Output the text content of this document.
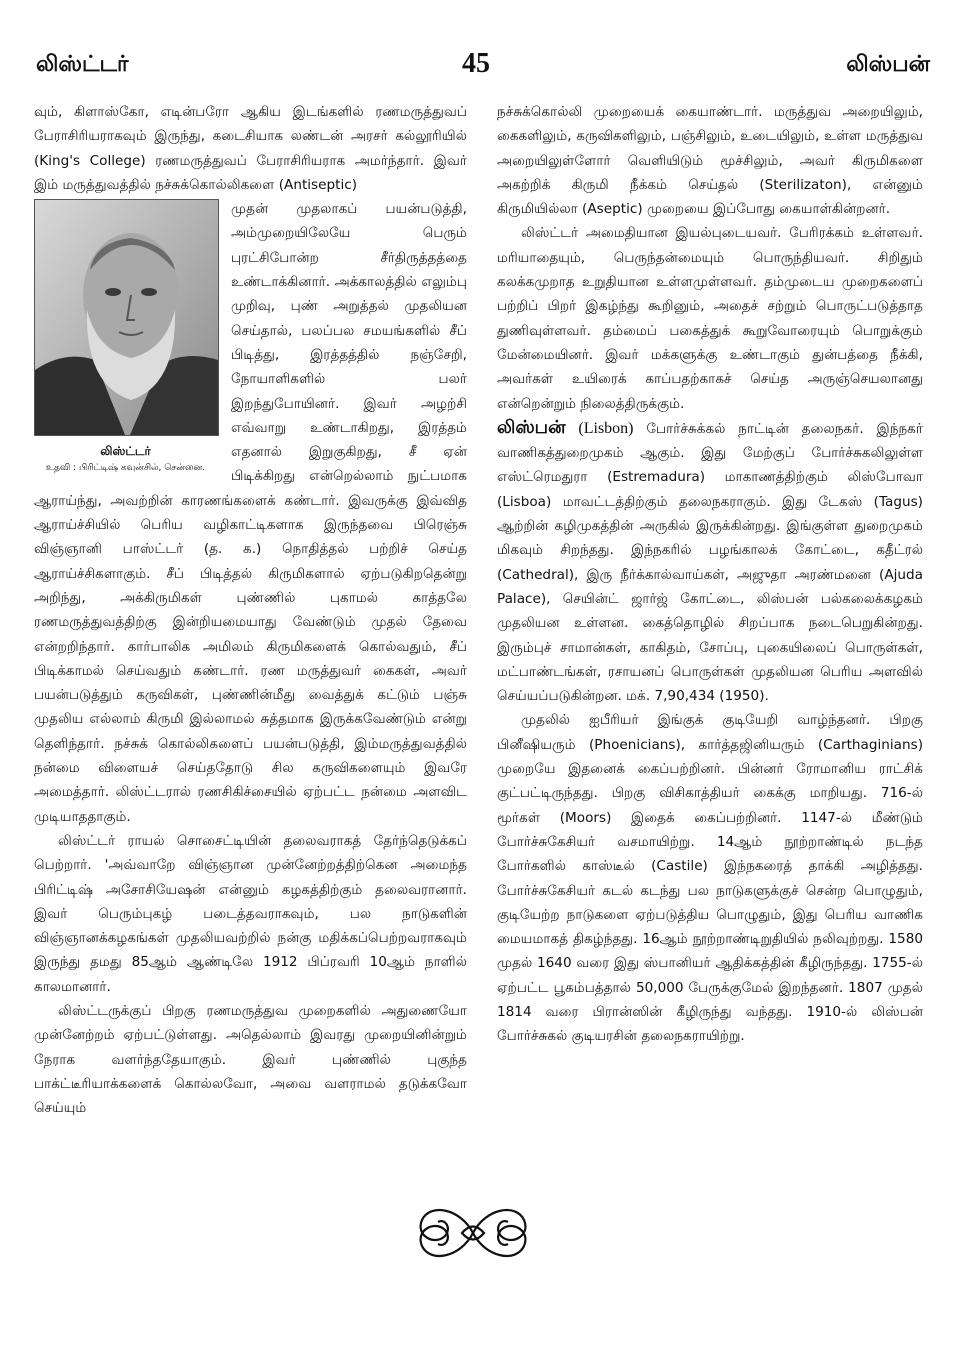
லிஸ்ட்டர்	45	லிஸ்பன்

வும், கிளாஸ்கோ, எடின்பரோ ஆகிய இடங்களில் ரணமருத்துவப் பேராசிரியராகவும் இருந்து, கடைசியாக லண்டன் அரசர் கல்லூரியில் (King's College) ரணமருத்துவப் பேராசிரியராக அமர்ந்தார். இவர் இம் மருத்துவத்தில் நச்சுக்கொல்லிகளை (Antiseptic)

லிஸ்ட்டர்
உதவி : பிரிட்டிஷ் கவுன்சில், சென்னை.

முதன் முதலாகப் பயன்படுத்தி, அம்முறையிலேயே பெரும் புரட்சிபோன்ற சீர்திருத்தத்தை உண்டாக்கினார். அக்காலத்தில் எலும்பு முறிவு, புண் அறுத்தல் முதலியன செய்தால், பலப்பல சமயங்களில் சீப் பிடித்து, இரத்தத்தில் நஞ்சேறி, நோயாளிகளில் பலர் இறந்துபோயினர். இவர் அழற்சி எவ்வாறு உண்டாகிறது, இரத்தம் எதனால் இறுகுகிறது, சீ ஏன் பிடிக்கிறது என்றெல்லாம் நுட்பமாக ஆராய்ந்து, அவற்றின் காரணங்களைக் கண்டார். இவருக்கு இவ்வித ஆராய்ச்சியில் பெரிய வழிகாட்டிகளாக இருந்தவை பிரெஞ்சு விஞ்ஞானி பாஸ்ட்டர் (த. க.) நொதித்தல் பற்றிச் செய்த ஆராய்ச்சிகளாகும். சீப் பிடித்தல் கிருமிகளால் ஏற்படுகிறதென்று அறிந்து, அக்கிருமிகள் புண்ணில் புகாமல் காத்தலே ரணமருத்துவத்திற்கு இன்றியமையாது வேண்டும் முதல் தேவை என்றறிந்தார். கார்பாலிக அமிலம் கிருமிகளைக் கொல்வதும், சீப் பிடிக்காமல் செய்வதும் கண்டார். ரண மருத்துவர் கைகள், அவர் பயன்படுத்தும் கருவிகள், புண்ணின்மீது வைத்துக் கட்டும் பஞ்சு முதலிய எல்லாம் கிருமி இல்லாமல் சுத்தமாக இருக்கவேண்டும் என்று தெளிந்தார். நச்சுக் கொல்லிகளைப் பயன்படுத்தி, இம்மருத்துவத்தில் நன்மை விளையச் செய்ததோடு சில கருவிகளையும் இவரே அமைத்தார். லிஸ்ட்டரால் ரணசிகிச்சையில் ஏற்பட்ட நன்மை அளவிட முடியாததாகும்.

லிஸ்ட்டர் ராயல் சொசைட்டியின் தலைவராகத் தேர்ந்தெடுக்கப் பெற்றார். 'அவ்வாறே விஞ்ஞான முன்னேற்றத்திற்கென அமைந்த பிரிட்டிஷ் அசோசியேஷன் என்னும் கழகத்திற்கும் தலைவரானார். இவர் பெரும்புகழ் படைத்தவராகவும், பல நாடுகளின் விஞ்ஞானக்கழகங்கள் முதலியவற்றில் நன்கு மதிக்கப்பெற்றவராகவும் இருந்து தமது 85ஆம் ஆண்டிலே 1912 பிப்ரவரி 10ஆம் நாளில் காலமானார்.

லிஸ்ட்டருக்குப் பிறகு ரணமருத்துவ முறைகளில் அதுணையோ முன்னேற்றம் ஏற்பட்டுள்ளது. அதெல்லாம் இவரது முறையினின்றும் நேராக வளர்ந்ததேயாகும். இவர் புண்ணில் புகுந்த பாக்ட்டீரியாக்களைக் கொல்லவோ, அவை வளராமல் தடுக்கவோ செய்யும்

நச்சுக்கொல்லி முறையைக் கையாண்டார். மருத்துவ அறையிலும், கைகளிலும், கருவிகளிலும், பஞ்சிலும், உடையிலும், உள்ள மருத்துவ அறையிலுள்ளோர் வெளியிடும் மூச்சிலும், அவர் கிருமிகளை அகற்றிக் கிருமி நீக்கம் செய்தல் (Sterilizaton), என்னும் கிருமியில்லா (Aseptic) முறையை இப்போது கையாள்கின்றனர்.

லிஸ்ட்டர் அமைதியான இயல்புடையவர். பேரிரக்கம் உள்ளவர். மரியாதையும், பெருந்தன்மையும் பொருந்தியவர். சிறிதும் கலக்கமுறாத உறுதியான உள்ளமுள்ளவர். தம்முடைய முறைகளைப் பற்றிப் பிறர் இகழ்ந்து கூறினும், அதைச் சற்றும் பொருட்படுத்தாத துணிவுள்ளவர். தம்மைப் பகைத்துக் கூறுவோரையும் பொறுக்கும் மேன்மையினர். இவர் மக்களுக்கு உண்டாகும் துன்பத்தை நீக்கி, அவர்கள் உயிரைக் காப்பதற்காகச் செய்த அருஞ்செயலானது என்றென்றும் நிலைத்திருக்கும்.

லிஸ்பன் (Lisbon) போர்ச்சுக்கல் நாட்டின் தலைநகர். இந்நகர் வாணிகத்துறைமுகம் ஆகும். இது மேற்குப் போர்ச்சுகலிலுள்ள எஸ்ட்ரெமதுரா (Estremadura) மாகாணத்திற்கும் லிஸ்போவா (Lisboa) மாவட்டத்திற்கும் தலைநகராகும். இது டேகஸ் (Tagus) ஆற்றின் கழிமுகத்தின் அருகில் இருக்கின்றது. இங்குள்ள துறைமுகம் மிகவும் சிறந்தது. இந்நகரில் பழங்காலக் கோட்டை, கதீட்ரல் (Cathedral), இரு நீர்க்கால்வாய்கள், அஜுதா அரண்மனை (Ajuda Palace), செயின்ட் ஜார்ஜ் கோட்டை, லிஸ்பன் பல்கலைக்கழகம் முதலியன உள்ளன. கைத்தொழில் சிறப்பாக நடைபெறுகின்றது. இரும்புச் சாமான்கள், காகிதம், சோப்பு, புகையிலைப் பொருள்கள், மட்பாண்டங்கள், ரசாயனப் பொருள்கள் முதலியன பெரிய அளவில் செய்யப்படுகின்றன. மக். 7,90,434 (1950).

முதலில் ஐபீரியர் இங்குக் குடியேறி வாழ்ந்தனர். பிறகு பினீஷியரும் (Phoenicians), கார்த்தஜினியரும் (Carthaginians) முறையே இதனைக் கைப்பற்றினர். பின்னர் ரோமானிய ராட்சிக் குட்பட்டிருந்தது. பிறகு விசிகாத்தியர் கைக்கு மாறியது. 716-ல் மூர்கள் (Moors) இதைக் கைப்பற்றினர். 1147-ல் மீண்டும் போர்ச்சுகேசியர் வசமாயிற்று. 14ஆம் நூற்றாண்டில் நடந்த போர்களில் காஸ்டீல் (Castile) இந்நகரைத் தாக்கி அழித்தது. போர்ச்சுகேசியர் கடல் கடந்து பல நாடுகளுக்குச் சென்ற பொழுதும், குடியேற்ற நாடுகளை ஏற்படுத்திய பொழுதும், இது பெரிய வாணிக மையமாகத் திகழ்ந்தது. 16ஆம் நூற்றாண்டிறுதியில் நலிவுற்றது. 1580 முதல் 1640 வரை இது ஸ்பானியர் ஆதிக்கத்தின் கீழிருந்தது. 1755-ல் ஏற்பட்ட பூகம்பத்தால் 50,000 பேருக்குமேல் இறந்தனர். 1807 முதல் 1814 வரை பிரான்ஸின் கீழிருந்து வந்தது. 1910-ல் லிஸ்பன் போர்ச்சுகல் குடியரசின் தலைநகராயிற்று.
